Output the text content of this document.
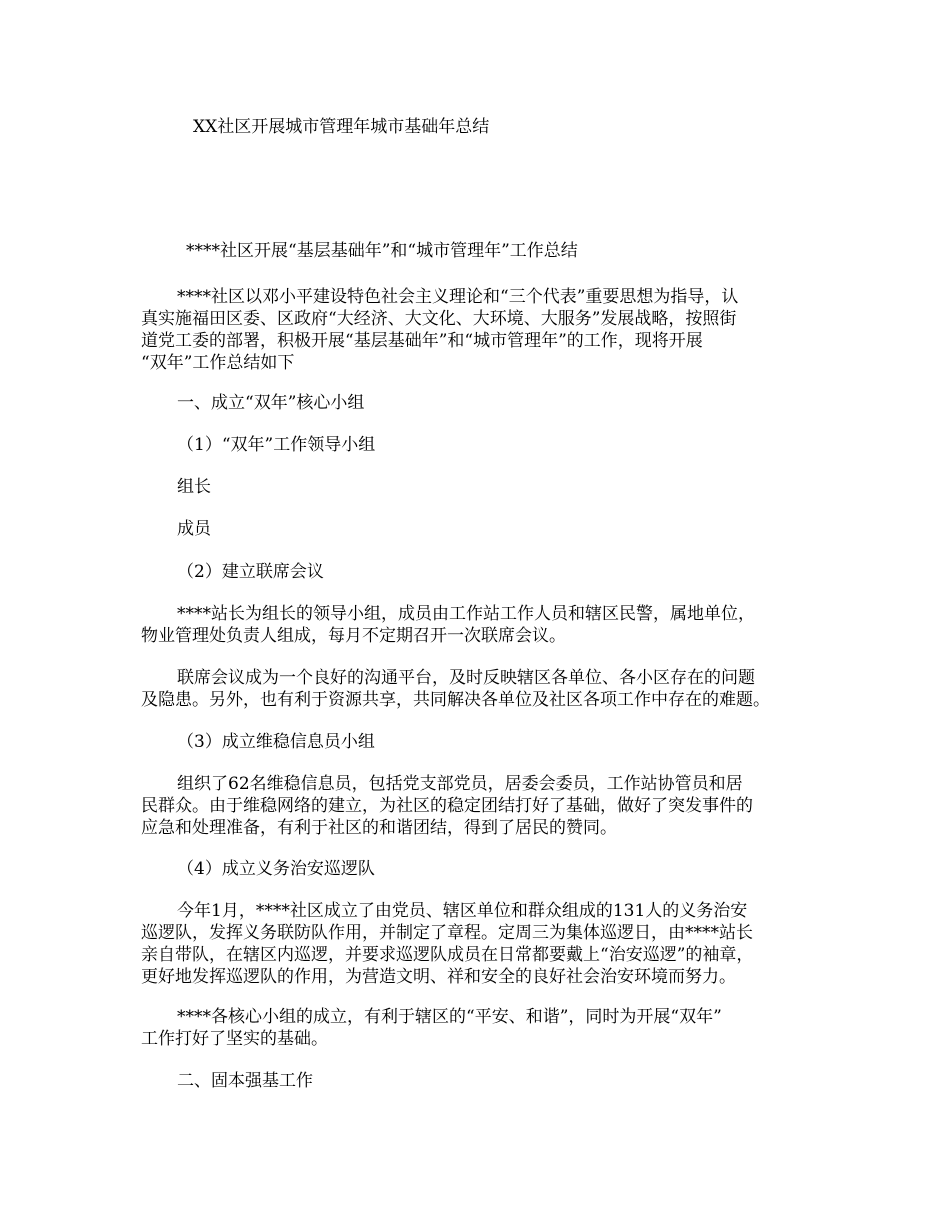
XX社区开展城市管理年城市基础年总结
****社区开展“基层基础年”和“城市管理年”工作总结
****社区以邓小平建设特色社会主义理论和“三个代表”重要思想为指导，认
真实施福田区委、区政府“大经济、大文化、大环境、大服务”发展战略，按照街
道党工委的部署，积极开展“基层基础年”和“城市管理年”的工作，现将开展
“双年”工作总结如下
一、成立“双年”核心小组
（1）“双年”工作领导小组
组长
成员
（2）建立联席会议
****站长为组长的领导小组，成员由工作站工作人员和辖区民警，属地单位，
物业管理处负责人组成，每月不定期召开一次联席会议。
联席会议成为一个良好的沟通平台，及时反映辖区各单位、各小区存在的问题
及隐患。另外，也有利于资源共享，共同解决各单位及社区各项工作中存在的难题。
（3）成立维稳信息员小组
组织了62名维稳信息员，包括党支部党员，居委会委员，工作站协管员和居
民群众。由于维稳网络的建立，为社区的稳定团结打好了基础，做好了突发事件的
应急和处理准备，有利于社区的和谐团结，得到了居民的赞同。
（4）成立义务治安巡逻队
今年1月，****社区成立了由党员、辖区单位和群众组成的131人的义务治安
巡逻队，发挥义务联防队作用，并制定了章程。定周三为集体巡逻日，由****站长
亲自带队，在辖区内巡逻，并要求巡逻队成员在日常都要戴上“治安巡逻”的袖章，
更好地发挥巡逻队的作用，为营造文明、祥和安全的良好社会治安环境而努力。
****各核心小组的成立，有利于辖区的“平安、和谐”，同时为开展“双年”
工作打好了坚实的基础。
二、固本强基工作
